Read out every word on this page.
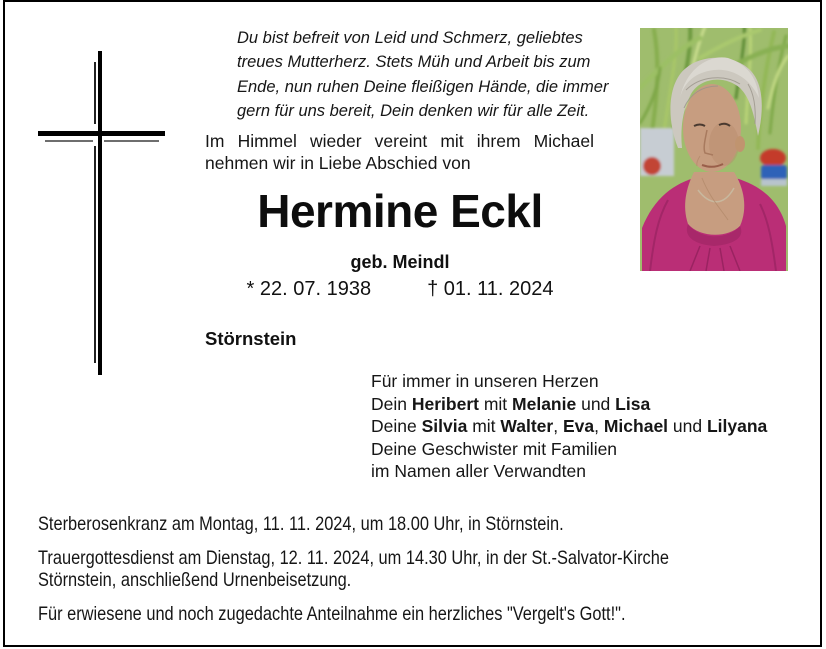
Du bist befreit von Leid und Schmerz, geliebtes
treues Mutterherz. Stets Müh und Arbeit bis zum
Ende, nun ruhen Deine fleißigen Hände, die immer
gern für uns bereit, Dein denken wir für alle Zeit.
Im Himmel wieder vereint mit ihrem Michael
nehmen wir in Liebe Abschied von
Hermine Eckl
geb. Meindl
* 22. 07. 1938	† 01. 11. 2024
Störnstein
Für immer in unseren Herzen
Dein Heribert mit Melanie und Lisa
Deine Silvia mit Walter, Eva, Michael und Lilyana
Deine Geschwister mit Familien
im Namen aller Verwandten

Sterberosenkranz am Montag, 11. 11. 2024, um 18.00 Uhr, in Störnstein.

Trauergottesdienst am Dienstag, 12. 11. 2024, um 14.30 Uhr, in der St.-Salvator-Kirche
Störnstein, anschließend Urnenbeisetzung.

Für erwiesene und noch zugedachte Anteilnahme ein herzliches "Vergelt's Gott!".
